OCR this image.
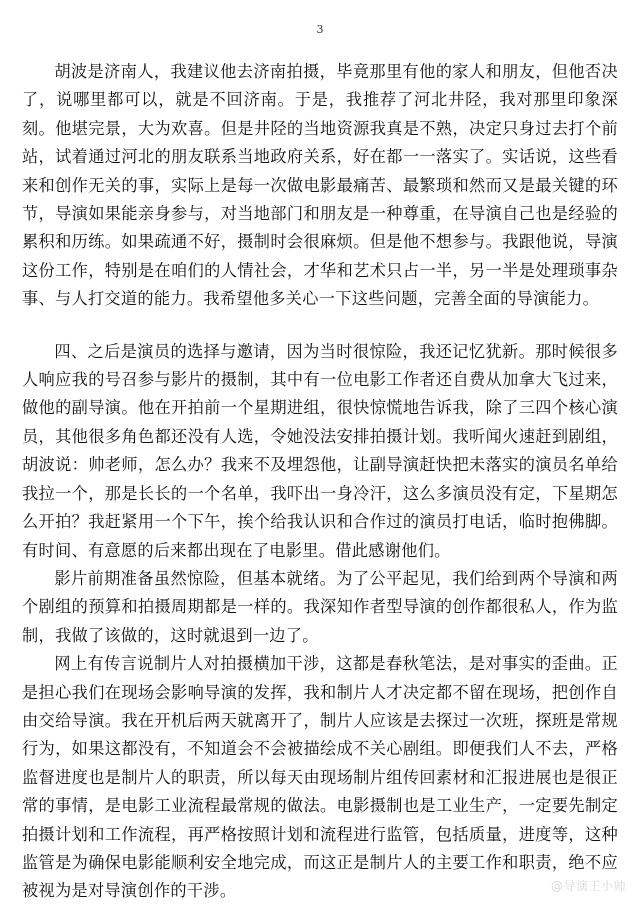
3

胡波是济南人，我建议他去济南拍摄，毕竟那里有他的家人和朋友，但他否决了，说哪里都可以，就是不回济南。于是，我推荐了河北井陉，我对那里印象深刻。他堪完景，大为欢喜。但是井陉的当地资源我真是不熟，决定只身过去打个前站，试着通过河北的朋友联系当地政府关系，好在都一一落实了。实话说，这些看来和创作无关的事，实际上是每一次做电影最痛苦、最繁琐和然而又是最关键的环节，导演如果能亲身参与，对当地部门和朋友是一种尊重，在导演自己也是经验的累积和历练。如果疏通不好，摄制时会很麻烦。但是他不想参与。我跟他说，导演这份工作，特别是在咱们的人情社会，才华和艺术只占一半，另一半是处理琐事杂事、与人打交道的能力。我希望他多关心一下这些问题，完善全面的导演能力。

四、之后是演员的选择与邀请，因为当时很惊险，我还记忆犹新。那时候很多人响应我的号召参与影片的摄制，其中有一位电影工作者还自费从加拿大飞过来，做他的副导演。他在开拍前一个星期进组，很快惊慌地告诉我，除了三四个核心演员，其他很多角色都还没有人选，令她没法安排拍摄计划。我听闻火速赶到剧组，胡波说：帅老师，怎么办？我来不及埋怨他，让副导演赶快把未落实的演员名单给我拉一个，那是长长的一个名单，我吓出一身冷汗，这么多演员没有定，下星期怎么开拍？我赶紧用一个下午，挨个给我认识和合作过的演员打电话，临时抱佛脚。有时间、有意愿的后来都出现在了电影里。借此感谢他们。

影片前期准备虽然惊险，但基本就绪。为了公平起见，我们给到两个导演和两个剧组的预算和拍摄周期都是一样的。我深知作者型导演的创作都很私人，作为监制，我做了该做的，这时就退到一边了。

网上有传言说制片人对拍摄横加干涉，这都是春秋笔法，是对事实的歪曲。正是担心我们在现场会影响导演的发挥，我和制片人才决定都不留在现场，把创作自由交给导演。我在开机后两天就离开了，制片人应该是去探过一次班，探班是常规行为，如果这都没有，不知道会不会被描绘成不关心剧组。即便我们人不去，严格监督进度也是制片人的职责，所以每天由现场制片组传回素材和汇报进展也是很正常的事情，是电影工业流程最常规的做法。电影摄制也是工业生产，一定要先制定拍摄计划和工作流程，再严格按照计划和流程进行监管，包括质量，进度等，这种监管是为确保电影能顺利安全地完成，而这正是制片人的主要工作和职责，绝不应被视为是对导演创作的干涉。	@导演王小帅
